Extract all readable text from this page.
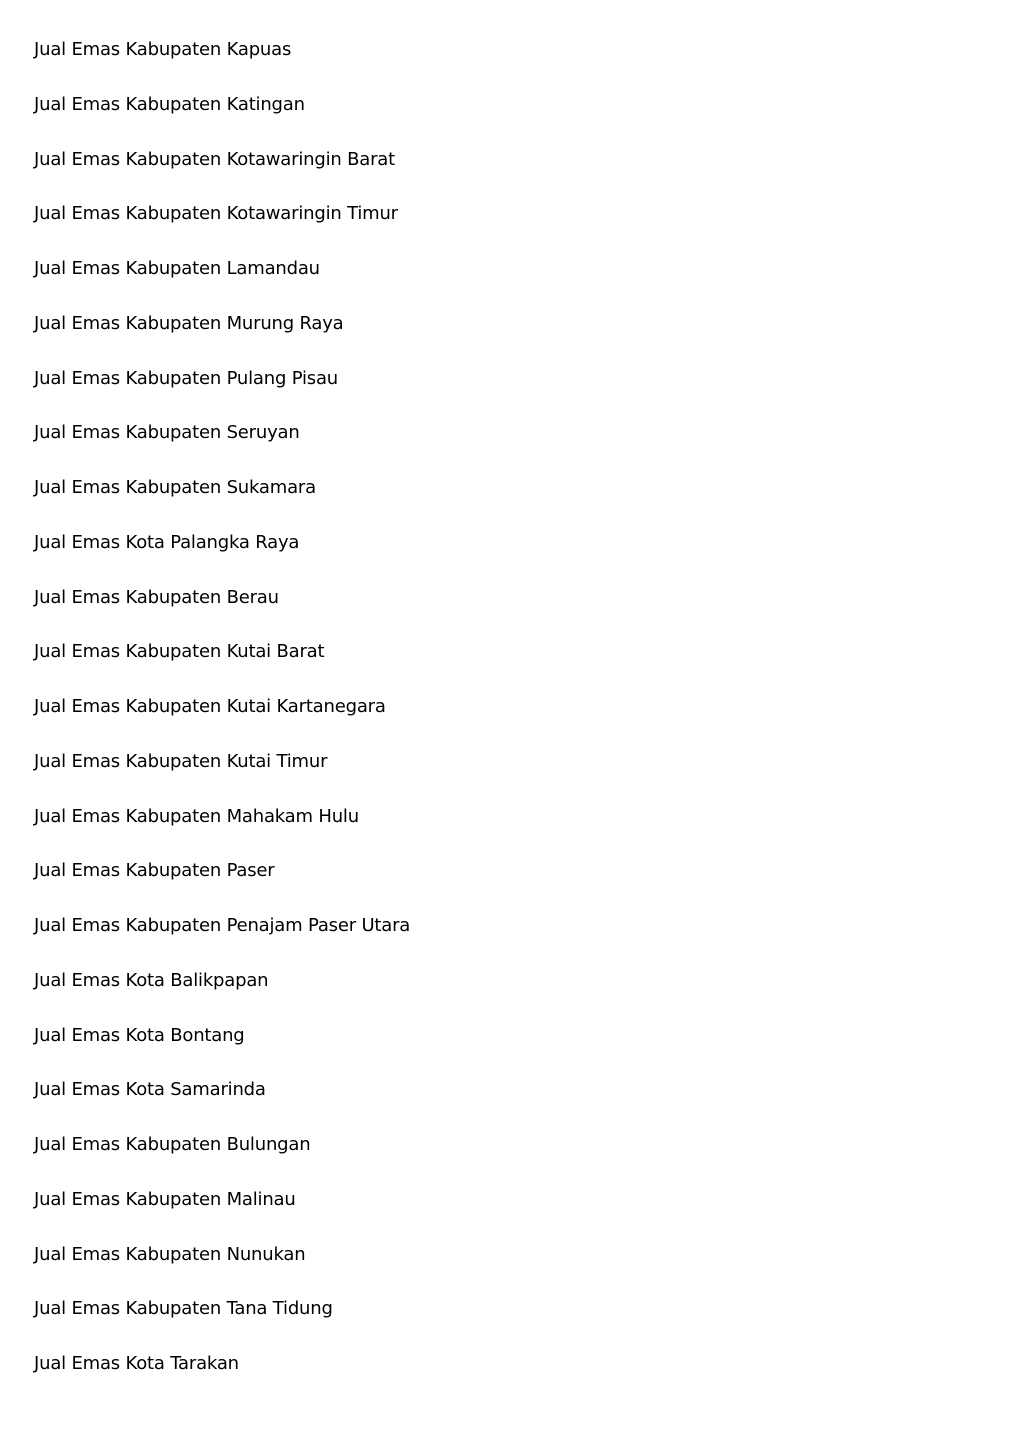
Jual Emas Kabupaten Kapuas
Jual Emas Kabupaten Katingan
Jual Emas Kabupaten Kotawaringin Barat
Jual Emas Kabupaten Kotawaringin Timur
Jual Emas Kabupaten Lamandau
Jual Emas Kabupaten Murung Raya
Jual Emas Kabupaten Pulang Pisau
Jual Emas Kabupaten Seruyan
Jual Emas Kabupaten Sukamara
Jual Emas Kota Palangka Raya
Jual Emas Kabupaten Berau
Jual Emas Kabupaten Kutai Barat
Jual Emas Kabupaten Kutai Kartanegara
Jual Emas Kabupaten Kutai Timur
Jual Emas Kabupaten Mahakam Hulu
Jual Emas Kabupaten Paser
Jual Emas Kabupaten Penajam Paser Utara
Jual Emas Kota Balikpapan
Jual Emas Kota Bontang
Jual Emas Kota Samarinda
Jual Emas Kabupaten Bulungan
Jual Emas Kabupaten Malinau
Jual Emas Kabupaten Nunukan
Jual Emas Kabupaten Tana Tidung
Jual Emas Kota Tarakan
